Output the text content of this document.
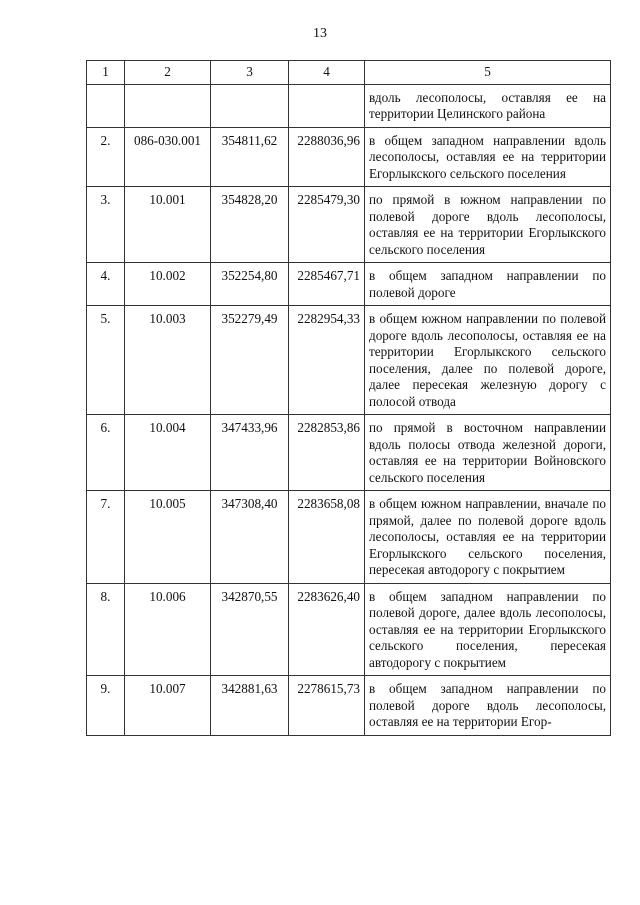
13
1	2	3	4	5
				вдоль лесополосы, оставляя ее на территории Целинского района
2.	086-030.001	354811,62	2288036,96	в общем западном направлении вдоль лесополосы, оставляя ее на территории Егорлыкского сельского поселения
3.	10.001	354828,20	2285479,30	по прямой в южном направлении по полевой дороге вдоль лесополосы, оставляя ее на территории Егорлыкского сельского поселения
4.	10.002	352254,80	2285467,71	в общем западном направлении по полевой дороге
5.	10.003	352279,49	2282954,33	в общем южном направлении по полевой дороге вдоль лесополосы, оставляя ее на территории Егорлыкского сельского поселения, далее по полевой дороге, далее пересекая железную дорогу с полосой отвода
6.	10.004	347433,96	2282853,86	по прямой в восточном направлении вдоль полосы отвода железной дороги, оставляя ее на территории Войновского сельского поселения
7.	10.005	347308,40	2283658,08	в общем южном направлении, вначале по прямой, далее по полевой дороге вдоль лесополосы, оставляя ее на территории Егорлыкского сельского поселения, пересекая автодорогу с покрытием
8.	10.006	342870,55	2283626,40	в общем западном направлении по полевой дороге, далее вдоль лесополосы, оставляя ее на территории Егорлыкского сельского поселения, пересекая автодорогу с покрытием
9.	10.007	342881,63	2278615,73	в общем западном направлении по полевой дороге вдоль лесополосы, оставляя ее на территории Егор-
